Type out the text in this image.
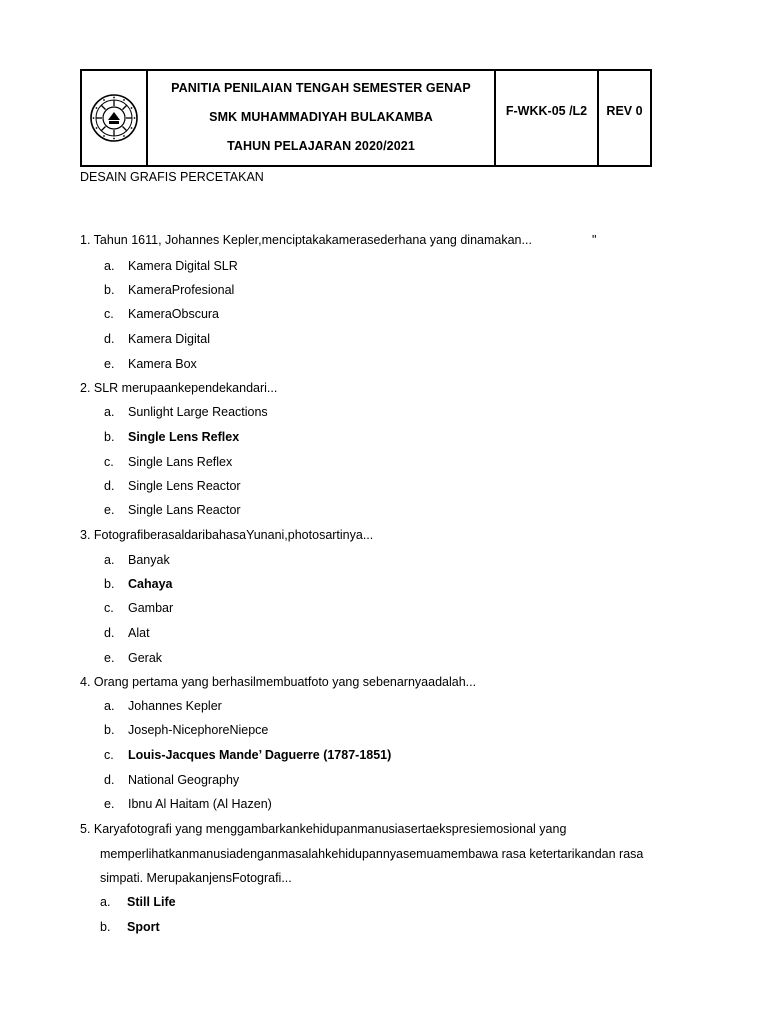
PANITIA PENILAIAN TENGAH SEMESTER GENAP
SMK MUHAMMADIYAH BULAKAMBA
TAHUN PELAJARAN 2020/2021
F-WKK-05 /L2 REV 0
DESAIN GRAFIS PERCETAKAN
1. Tahun 1611, Johannes Kepler,menciptakakamerasederhana yang dinamakan...	"
a.	Kamera Digital SLR
b.	KameraProfesional
c.	KameraObscura
d.	Kamera Digital
e.	Kamera Box
2. SLR merupaankependekandari...
a.	Sunlight Large Reactions
b.	Single Lens Reflex
c.	Single Lans Reflex
d.	Single Lens Reactor
e.	Single Lans Reactor
3. FotografiberasaldaribahasaYunani,photosartinya...
a.	Banyak
b.	Cahaya
c.	Gambar
d.	Alat
e.	Gerak
4. Orang pertama yang berhasilmembuatfoto yang sebenarnyaadalah...
a.	Johannes Kepler
b.	Joseph-NicephoreNiepce
c.	Louis-Jacques Mande’ Daguerre (1787-1851)
d.	National Geography
e.	Ibnu Al Haitam (Al Hazen)
5. Karyafotografi yang menggambarkankehidupanmanusiasertaekspresiemosional yang
memperlihatkanmanusiadenganmasalahkehidupannyasemuamembawa rasa ketertarikandan rasa
simpati. MerupakanjensFotografi...
a.	Still Life
b.	Sport
